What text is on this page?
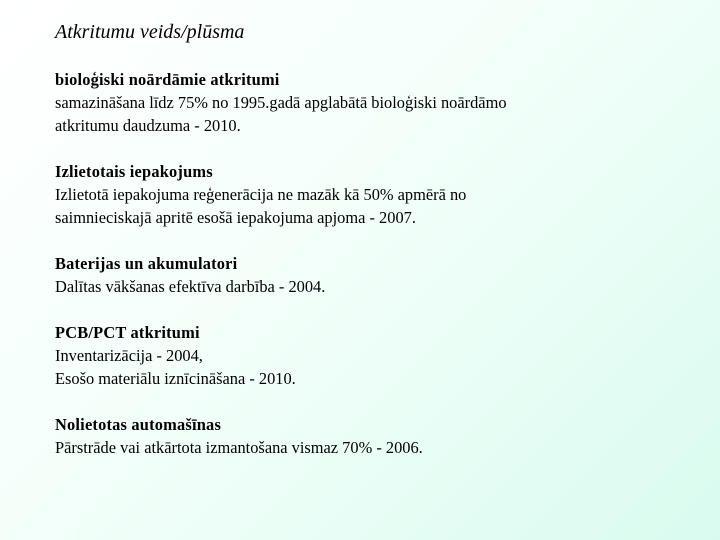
Atkritumu veids/plūsma
bioloģiski noārdāmie atkritumi
samazināšana līdz 75% no 1995.gadā apglabātā bioloģiski noārdāmo
atkritumu daudzuma - 2010.
Izlietotais iepakojums
Izlietotā iepakojuma reģenerācija ne mazāk kā 50% apmērā no
saimnieciskajā apritē esošā iepakojuma apjoma - 2007.
Baterijas un akumulatori
Dalītas vākšanas efektīva darbība - 2004.
PCB/PCT atkritumi
Inventarizācija - 2004,
Esošo materiālu iznīcināšana - 2010.
Nolietotas automašīnas
Pārstrāde vai atkārtota izmantošana vismaz 70% - 2006.
